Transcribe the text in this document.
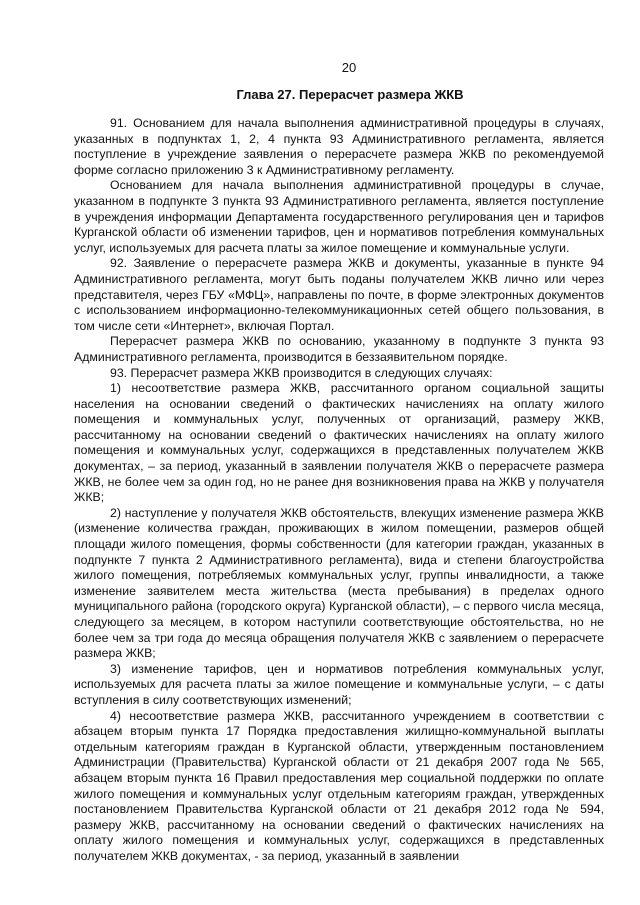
20
Глава 27. Перерасчет размера ЖКВ

91. Основанием для начала выполнения административной процедуры в случаях, указанных в подпунктах 1, 2, 4 пункта 93 Административного регламента, является поступление в учреждение заявления о перерасчете размера ЖКВ по рекомендуемой форме согласно приложению 3 к Административному регламенту.

Основанием для начала выполнения административной процедуры в случае, указанном в подпункте 3 пункта 93 Административного регламента, является поступление в учреждения информации Департамента государственного регулирования цен и тарифов Курганской области об изменении тарифов, цен и нормативов потребления коммунальных услуг, используемых для расчета платы за жилое помещение и коммунальные услуги.

92. Заявление о перерасчете размера ЖКВ и документы, указанные в пункте 94 Административного регламента, могут быть поданы получателем ЖКВ лично или через представителя, через ГБУ «МФЦ», направлены по почте, в форме электронных документов с использованием информационно-телекоммуникационных сетей общего пользования, в том числе сети «Интернет», включая Портал.

Перерасчет размера ЖКВ по основанию, указанному в подпункте 3 пункта 93 Административного регламента, производится в беззаявительном порядке.

93. Перерасчет размера ЖКВ производится в следующих случаях:

1) несоответствие размера ЖКВ, рассчитанного органом социальной защиты населения на основании сведений о фактических начислениях на оплату жилого помещения и коммунальных услуг, полученных от организаций, размеру ЖКВ, рассчитанному на основании сведений о фактических начислениях на оплату жилого помещения и коммунальных услуг, содержащихся в представленных получателем ЖКВ документах, – за период, указанный в заявлении получателя ЖКВ о перерасчете размера ЖКВ, не более чем за один год, но не ранее дня возникновения права на ЖКВ у получателя ЖКВ;

2) наступление у получателя ЖКВ обстоятельств, влекущих изменение размера ЖКВ (изменение количества граждан, проживающих в жилом помещении, размеров общей площади жилого помещения, формы собственности (для категории граждан, указанных в подпункте 7 пункта 2 Административного регламента), вида и степени благоустройства жилого помещения, потребляемых коммунальных услуг, группы инвалидности, а также изменение заявителем места жительства (места пребывания) в пределах одного муниципального района (городского округа) Курганской области), – с первого числа месяца, следующего за месяцем, в котором наступили соответствующие обстоятельства, но не более чем за три года до месяца обращения получателя ЖКВ с заявлением о перерасчете размера ЖКВ;

3) изменение тарифов, цен и нормативов потребления коммунальных услуг, используемых для расчета платы за жилое помещение и коммунальные услуги, – с даты вступления в силу соответствующих изменений;

4) несоответствие размера ЖКВ, рассчитанного учреждением в соответствии с абзацем вторым пункта 17 Порядка предоставления жилищно-коммунальной выплаты отдельным категориям граждан в Курганской области, утвержденным постановлением Администрации (Правительства) Курганской области от 21 декабря 2007 года № 565, абзацем вторым пункта 16 Правил предоставления мер социальной поддержки по оплате жилого помещения и коммунальных услуг отдельным категориям граждан, утвержденных постановлением Правительства Курганской области от 21 декабря 2012 года № 594, размеру ЖКВ, рассчитанному на основании сведений о фактических начислениях на оплату жилого помещения и коммунальных услуг, содержащихся в представленных получателем ЖКВ документах, - за период, указанный в заявлении
